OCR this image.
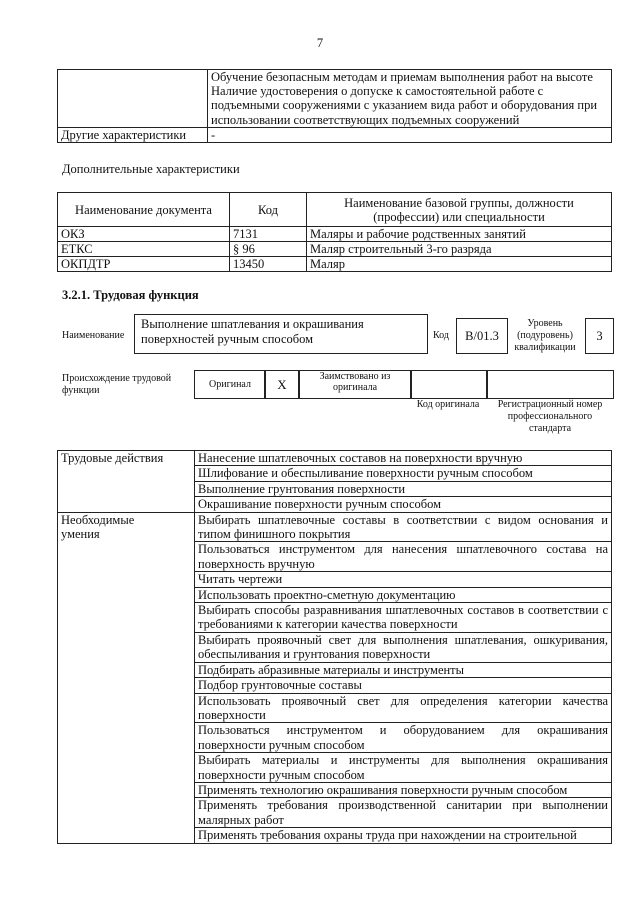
7

	Обучение безопасным методам и приемам выполнения работ на высоте
Наличие удостоверения о допуске к самостоятельной работе с подъемными сооружениями с указанием вида работ и оборудования при использовании соответствующих подъемных сооружений

Другие характеристики	-
Дополнительные характеристики
Наименование документа	Код	Наименование базовой группы, должности (профессии) или специальности
ОКЗ	7131	Маляры и рабочие родственных занятий
ЕТКС	§ 96	Маляр строительный 3-го разряда
ОКПДТР	13450	Маляр
3.2.1. Трудовая функция
Наименование
Выполнение шпатлевания и окрашивания поверхностей ручным способом	Код	B/01.3
Уровень (подуровень) квалификации
3
Происхождение трудовой функции
Оригинал	X	Заимствовано из оригинала
Код оригинала	Регистрационный номер профессионального стандарта
Трудовые действия	Нанесение шпатлевочных составов на поверхности вручную
	Шлифование и обеспыливание поверхности ручным способом
	Выполнение грунтования поверхности
	Окрашивание поверхности ручным способом
Необходимые умения	Выбирать шпатлевочные составы в соответствии с видом основания и типом финишного покрытия
	Пользоваться инструментом для нанесения шпатлевочного состава на поверхность вручную
	Читать чертежи
	Использовать проектно-сметную документацию
	Выбирать способы разравнивания шпатлевочных составов в соответствии с требованиями к категории качества поверхности
	Выбирать проявочный свет для выполнения шпатлевания, ошкуривания, обеспыливания и грунтования поверхности
	Подбирать абразивные материалы и инструменты
	Подбор грунтовочные составы
	Использовать проявочный свет для определения категории качества поверхности
	Пользоваться инструментом и оборудованием для окрашивания поверхности ручным способом
	Выбирать материалы и инструменты для выполнения окрашивания поверхности ручным способом
	Применять технологию окрашивания поверхности ручным способом
	Применять требования производственной санитарии при выполнении малярных работ
	Применять требования охраны труда при нахождении на строительной
